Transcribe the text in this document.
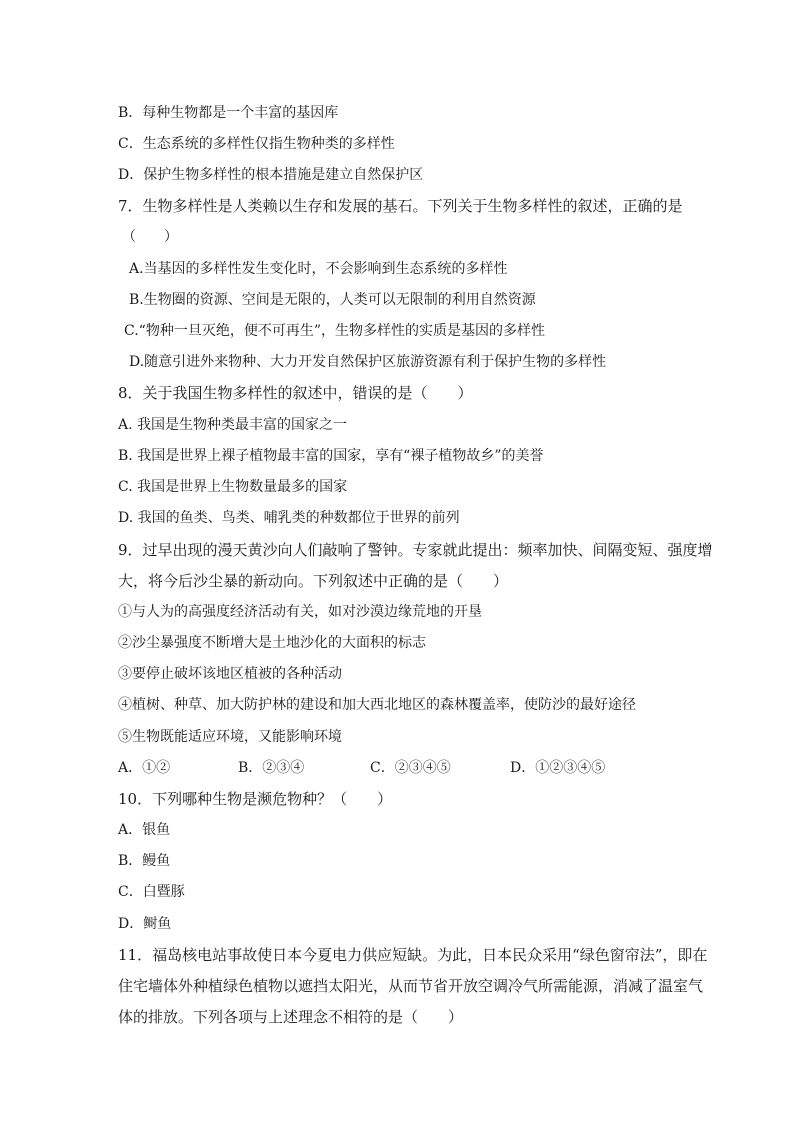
B．每种生物都是一个丰富的基因库
C．生态系统的多样性仅指生物种类的多样性
D．保护生物多样性的根本措施是建立自然保护区
7．生物多样性是人类赖以生存和发展的基石。下列关于生物多样性的叙述，正确的是
（　　）
A.当基因的多样性发生变化时，不会影响到生态系统的多样性
B.生物圈的资源、空间是无限的，人类可以无限制的利用自然资源
C.“物种一旦灭绝，便不可再生”，生物多样性的实质是基因的多样性
D.随意引进外来物种、大力开发自然保护区旅游资源有利于保护生物的多样性
8．关于我国生物多样性的叙述中，错误的是（　　）
A. 我国是生物种类最丰富的国家之一
B. 我国是世界上裸子植物最丰富的国家，享有“裸子植物故乡”的美誉
C. 我国是世界上生物数量最多的国家
D. 我国的鱼类、鸟类、哺乳类的种数都位于世界的前列
9．过早出现的漫天黄沙向人们敲响了警钟。专家就此提出：频率加快、间隔变短、强度增
大，将今后沙尘暴的新动向。下列叙述中正确的是（　　）
①与人为的高强度经济活动有关，如对沙漠边缘荒地的开垦
②沙尘暴强度不断增大是土地沙化的大面积的标志
③要停止破坏该地区植被的各种活动
④植树、种草、加大防护林的建设和加大西北地区的森林覆盖率，使防沙的最好途径
⑤生物既能适应环境，又能影响环境
A．①②	B．②③④	C．②③④⑤	D．①②③④⑤
10．下列哪种生物是濒危物种？（　　）
A．银鱼
B．鳗鱼
C．白暨豚
D．鲥鱼
11．福岛核电站事故使日本今夏电力供应短缺。为此，日本民众采用“绿色窗帘法”，即在
住宅墙体外种植绿色植物以遮挡太阳光，从而节省开放空调冷气所需能源，消减了温室气
体的排放。下列各项与上述理念不相符的是（　　）
